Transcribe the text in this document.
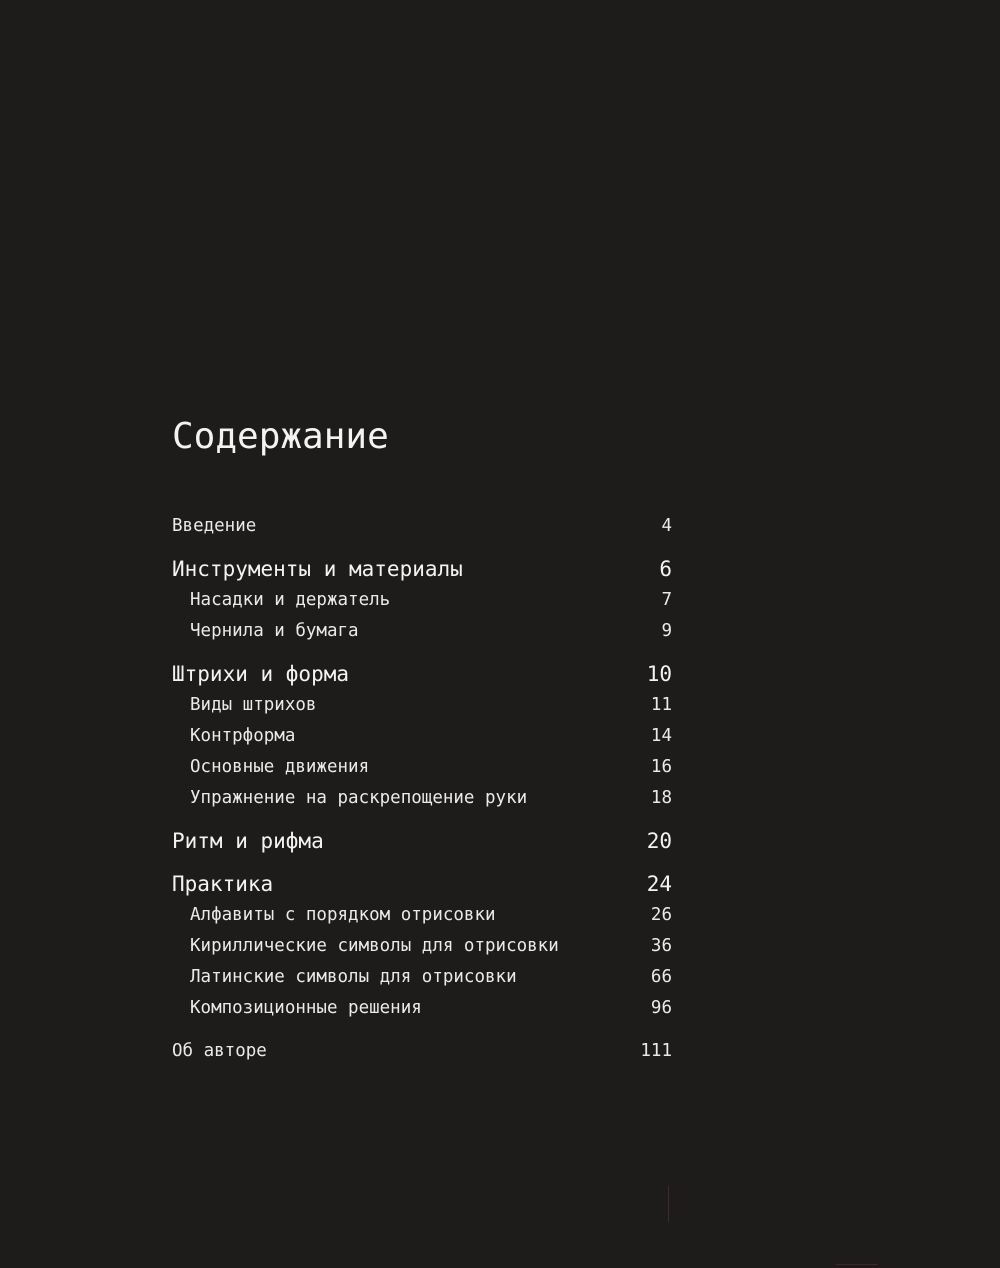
Содержание
Введение	4
Инструменты и материалы	6
Насадки и держатель	7
Чернила и бумага	9
Штрихи и форма	10
Виды штрихов	11
Контрформа	14
Основные движения	16
Упражнение на раскрепощение руки	18
Ритм и рифма	20
Практика	24
Алфавиты с порядком отрисовки	26
Кириллические символы для отрисовки	36
Латинские символы для отрисовки	66
Композиционные решения	96
Об авторе	111
